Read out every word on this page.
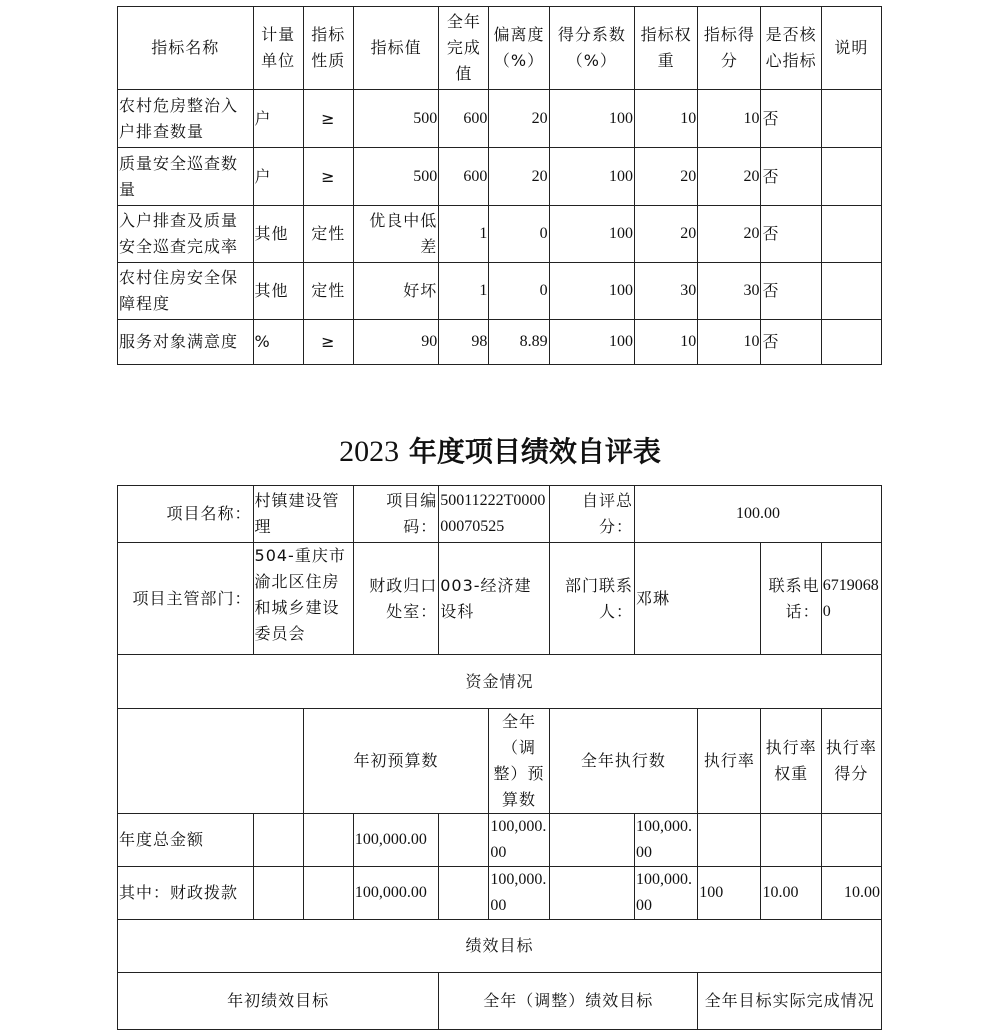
指标名称	计量单位	指标性质	指标值	全年完成值	偏离度（%）	得分系数（%）	指标权重	指标得分	是否核心指标	说明
农村危房整治入户排查数量	户	≥	500	600	20	100	10	10	否	
质量安全巡查数量	户	≥	500	600	20	100	20	20	否	
入户排查及质量安全巡查完成率	其他	定性	优良中低差	1	0	100	20	20	否	
农村住房安全保障程度	其他	定性	好坏	1	0	100	30	30	否	
服务对象满意度	%	≥	90	98	8.89	100	10	10	否	
2023 年度项目绩效自评表
项目名称：	村镇建设管理		项目编码：	50011222T000000070525		自评总分：	100.00			
项目主管部门：	504-重庆市渝北区住房和城乡建设委员会		财政归口处室：	003-经济建设科		部门联系人：	邓琳		联系电话：	67190680
资金情况										
		年初预算数			全年（调整）预算数	全年执行数		执行率	执行率权重	执行率得分
年度总金额			100,000.00		100,000.00		100,000.00			
其中：财政拨款			100,000.00		100,000.00		100,000.00	100	10.00	10.00
绩效目标										
年初绩效目标				全年（调整）绩效目标				全年目标实际完成情况		
